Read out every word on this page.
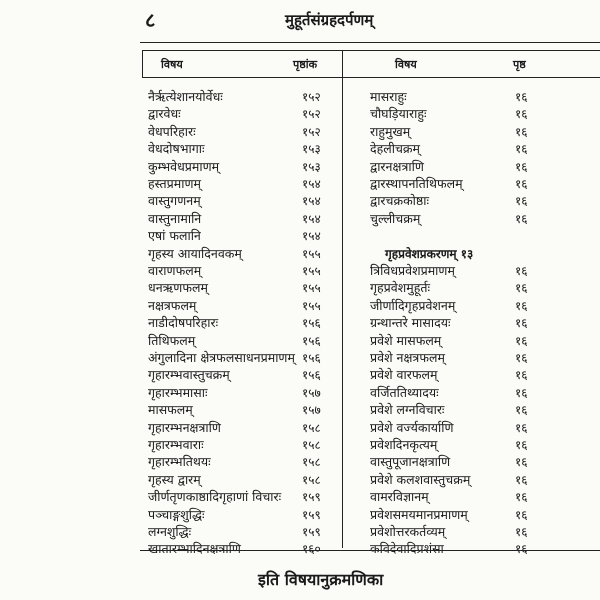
८	मुहूर्तसंग्रहदर्पणम्
विषय	पृष्ठांक	विषय	पृष्ठ
नैर्ऋत्येशानयोर्वेधः	१५२
द्वारवेधः	१५२
वेधपरिहारः	१५२
वेधदोषभागाः	१५३
कुम्भवेधप्रमाणम्	१५३
हस्तप्रमाणम्	१५४
वास्तुगणनम्	१५४
वास्तुनामानि	१५४
एषां फलानि	१५४
गृहस्य आयादिनवकम्	१५५
वाराणफलम्	१५५
धनऋणफलम्	१५५
नक्षत्रफलम्	१५५
नाडीदोषपरिहारः	१५६
तिथिफलम्	१५६
अंगुलादिना क्षेत्रफलसाधनप्रमाणम् १५६
गृहारम्भवास्तुचक्रम्	१५६
गृहारम्भमासाः	१५७
मासफलम्	१५७
गृहारम्भनक्षत्राणि	१५८
गृहारम्भवाराः	१५८
गृहारम्भतिथयः	१५८
गृहस्य द्वारम्	१५८
जीर्णतृणकाष्ठादिगृहाणां विचारः १५९
पञ्चाङ्गशुद्धिः	१५९
लग्नशुद्धिः	१५९
खातारम्भादिनक्षत्राणि	१६०
मासराहुः	१६
चौघड़ियाराहुः	१६
राहुमुखम्	१६
देहलीचक्रम्	१६
द्वारनक्षत्राणि	१६
द्वारस्थापनतिथिफलम्	१६
द्वारचक्रकोष्ठाः	१६
चुल्लीचक्रम्	१६
गृहप्रवेशप्रकरणम् १३
त्रिविधप्रवेशप्रमाणम्	१६
गृहप्रवेशमुहूर्तः	१६
जीर्णादिगृहप्रवेशनम्	१६
ग्रन्थान्तरे मासादयः	१६
प्रवेशे मासफलम्	१६
प्रवेशे नक्षत्रफलम्	१६
प्रवेशे वारफलम्	१६
वर्जिततिथ्यादयः	१६
प्रवेशे लग्नविचारः	१६
प्रवेशे वर्ज्यकार्याणि	१६
प्रवेशदिनकृत्यम्	१६
वास्तुपूजानक्षत्राणि	१६
प्रवेशे कलशवास्तुचक्रम्	१६
वामरविज्ञानम्	१६
प्रवेशसमयमानप्रमाणम्	१६
प्रवेशोत्तरकर्तव्यम्	१६
कविदेवादिप्रशंसा	१६
इति विषयानुक्रमणिका
